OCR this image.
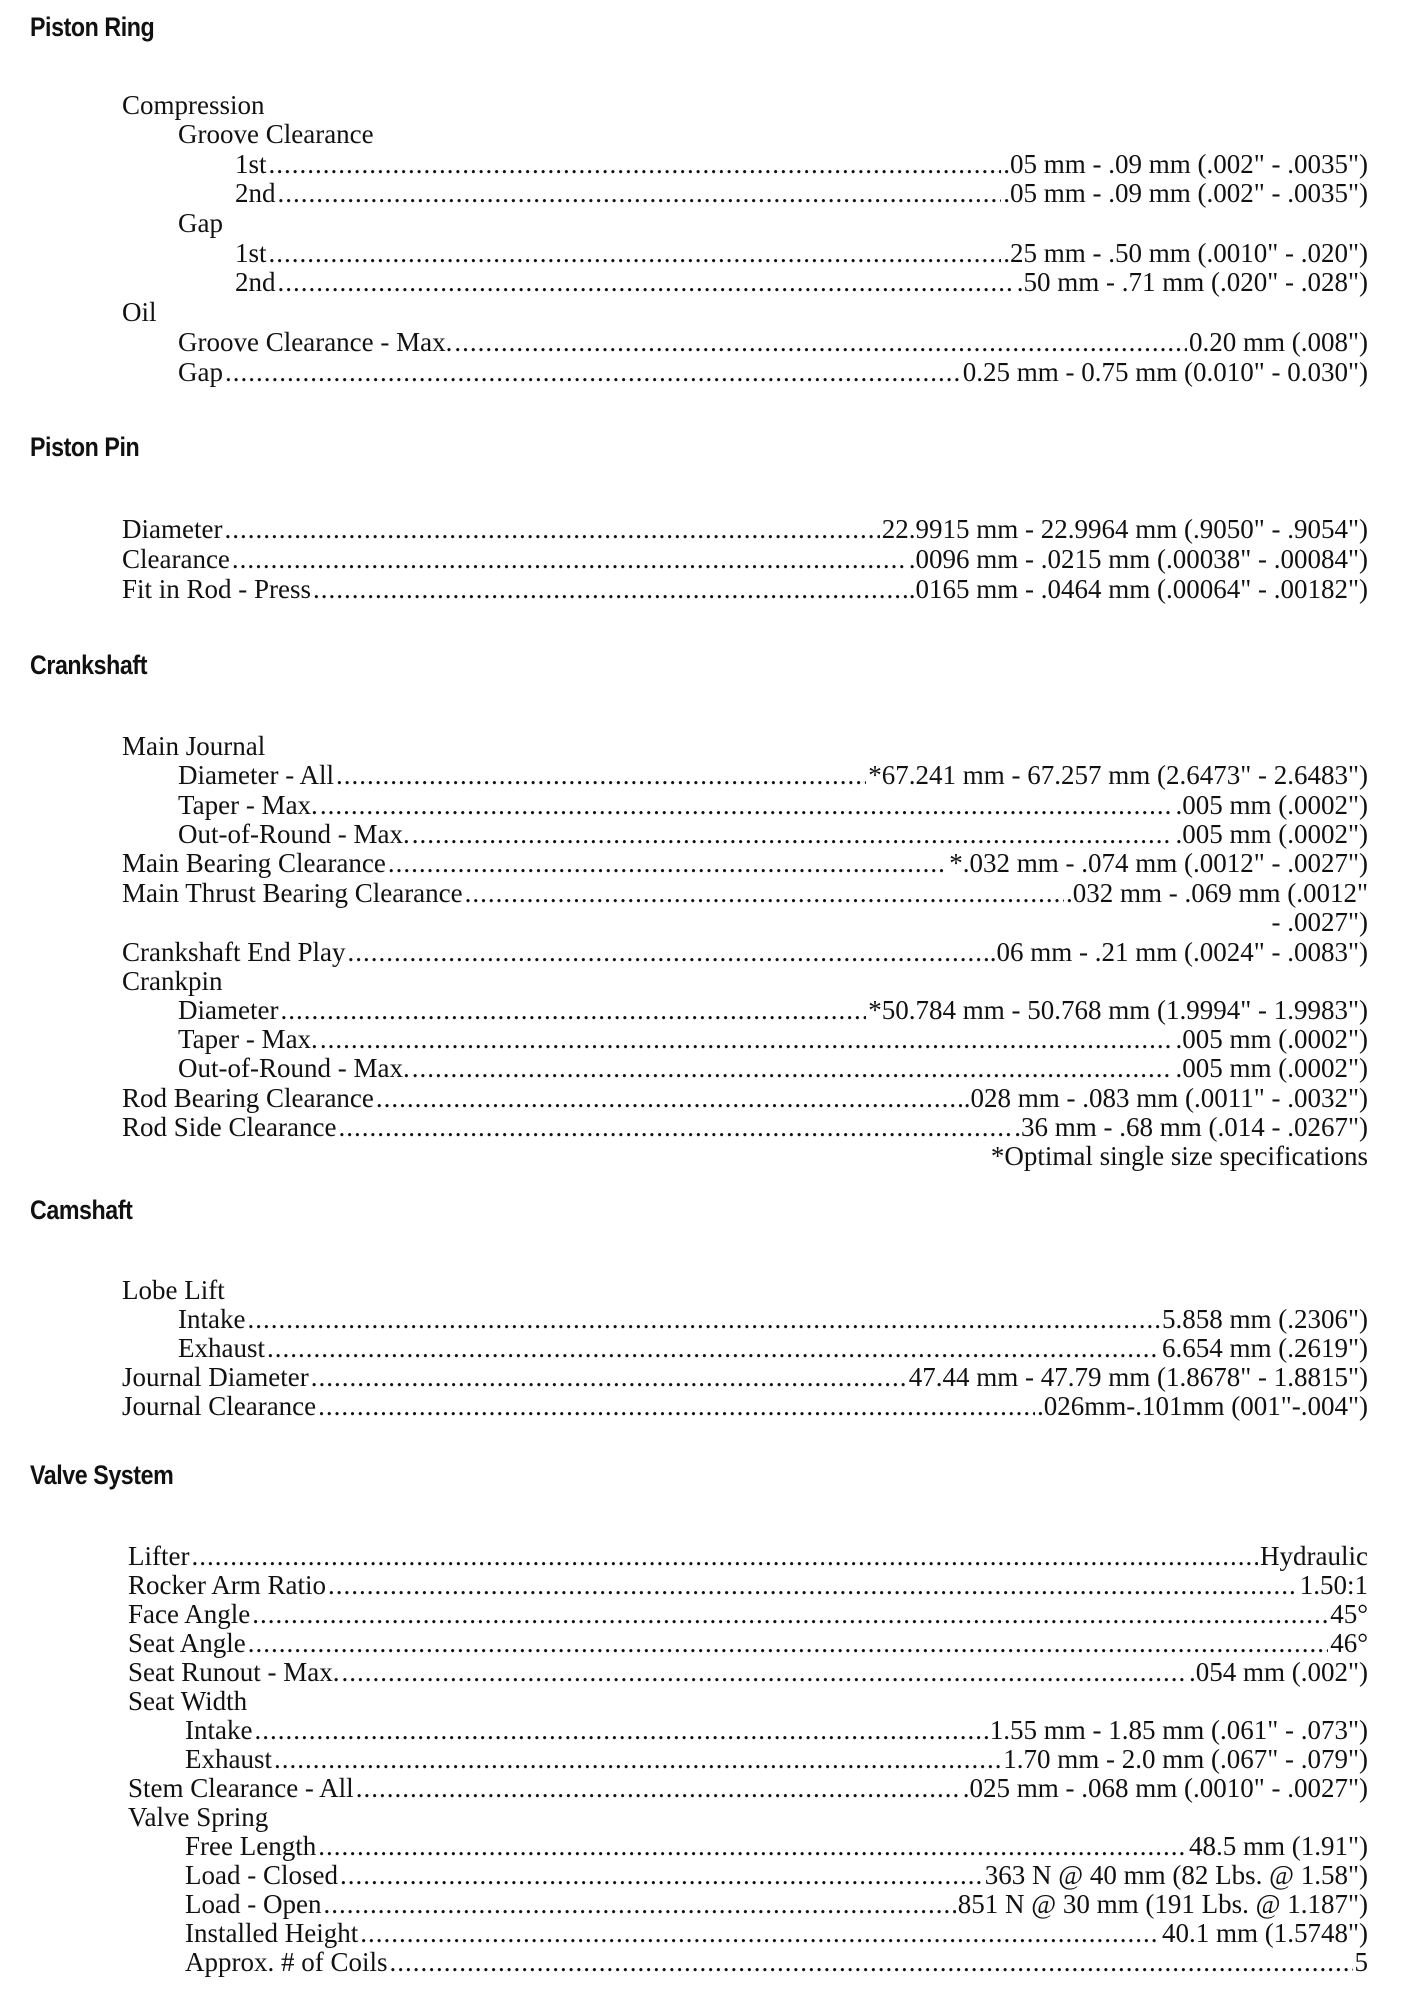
Piston Ring
Compression
Groove Clearance
1st .....	.05 mm - .09 mm (.002" - .0035")
2nd .....	.05 mm - .09 mm (.002" - .0035")
Gap
1st .....	.25 mm - .50 mm (.0010" - .020")
2nd .....	.50 mm - .71 mm (.020" - .028")
Oil
Groove Clearance - Max. .....	0.20 mm (.008")
Gap .....	0.25 mm - 0.75 mm (0.010" - 0.030")
Piston Pin
Diameter .....	22.9915 mm - 22.9964 mm (.9050" - .9054")
Clearance .....	.0096 mm - .0215 mm (.00038" - .00084")
Fit in Rod - Press .....	.0165 mm - .0464 mm (.00064" - .00182")
Crankshaft
Main Journal
Diameter - All .....	*67.241 mm - 67.257 mm (2.6473" - 2.6483")
Taper - Max. .....	.005 mm (.0002")
Out-of-Round - Max. .....	.005 mm (.0002")
Main Bearing Clearance .....	*.032 mm - .074 mm (.0012" - .0027")
Main Thrust Bearing Clearance .....	.032 mm - .069 mm (.0012"
- .0027")
Crankshaft End Play .....	.06 mm - .21 mm (.0024" - .0083")
Crankpin
Diameter .....	*50.784 mm - 50.768 mm (1.9994" - 1.9983")
Taper - Max. .....	.005 mm (.0002")
Out-of-Round - Max. .....	.005 mm (.0002")
Rod Bearing Clearance .....	.028 mm - .083 mm (.0011" - .0032")
Rod Side Clearance .....	.36 mm - .68 mm (.014 - .0267")
*Optimal single size specifications
Camshaft
Lobe Lift
Intake .....	5.858 mm (.2306")
Exhaust .....	6.654 mm (.2619")
Journal Diameter .....	47.44 mm - 47.79 mm (1.8678" - 1.8815")
Journal Clearance .....	.026mm-.101mm (001"-.004")
Valve System
Lifter .....	Hydraulic
Rocker Arm Ratio .....	1.50:1
Face Angle .....	45°
Seat Angle .....	46°
Seat Runout - Max. .....	.054 mm (.002")
Seat Width
Intake .....	1.55 mm - 1.85 mm (.061" - .073")
Exhaust .....	1.70 mm - 2.0 mm (.067" - .079")
Stem Clearance - All .....	.025 mm - .068 mm (.0010" - .0027")
Valve Spring
Free Length .....	48.5 mm (1.91")
Load - Closed .....	363 N @ 40 mm (82 Lbs. @ 1.58")
Load - Open .....	851 N @ 30 mm (191 Lbs. @ 1.187")
Installed Height .....	40.1 mm (1.5748")
Approx. # of Coils .....	5
